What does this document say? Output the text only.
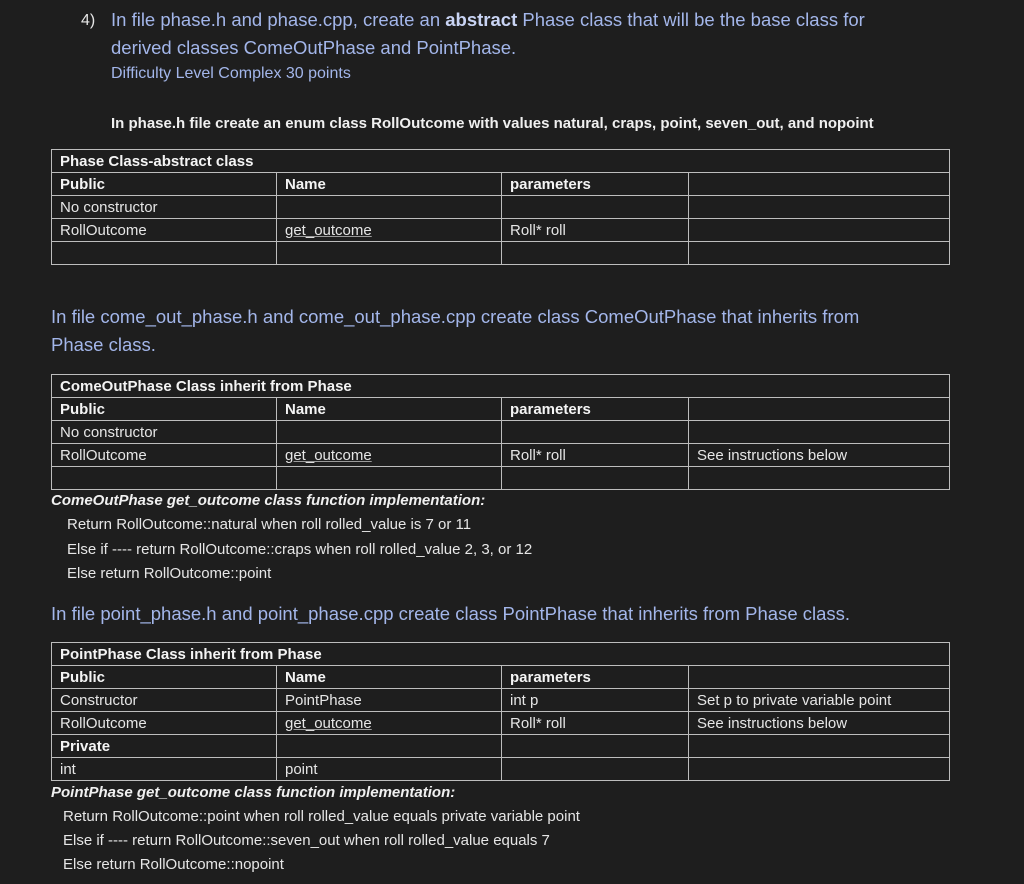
4) In file phase.h and phase.cpp, create an abstract Phase class that will be the base class for
derived classes ComeOutPhase and PointPhase.
Difficulty Level Complex 30 points
In phase.h file create an enum class RollOutcome with values natural, craps, point, seven_out, and nopoint
Phase Class-abstract class			
Public	Name	parameters	
No constructor			
RollOutcome	get_outcome	Roll* roll	

In file come_out_phase.h and come_out_phase.cpp create class ComeOutPhase that inherits from
Phase class.
ComeOutPhase Class inherit from Phase			
Public	Name	parameters	
No constructor			
RollOutcome	get_outcome	Roll* roll	See instructions below

ComeOutPhase get_outcome class function implementation:
Return RollOutcome::natural when roll rolled_value is 7 or 11
Else if ---- return RollOutcome::craps when roll rolled_value 2, 3, or 12
Else return RollOutcome::point
In file point_phase.h and point_phase.cpp create class PointPhase that inherits from Phase class.
PointPhase Class inherit from Phase			
Public	Name	parameters	
Constructor	PointPhase	int p	Set p to private variable point
RollOutcome	get_outcome	Roll* roll	See instructions below
Private			
int	point		
PointPhase get_outcome class function implementation:
Return RollOutcome::point when roll rolled_value equals private variable point
Else if ---- return RollOutcome::seven_out when roll rolled_value equals 7
Else return RollOutcome::nopoint
